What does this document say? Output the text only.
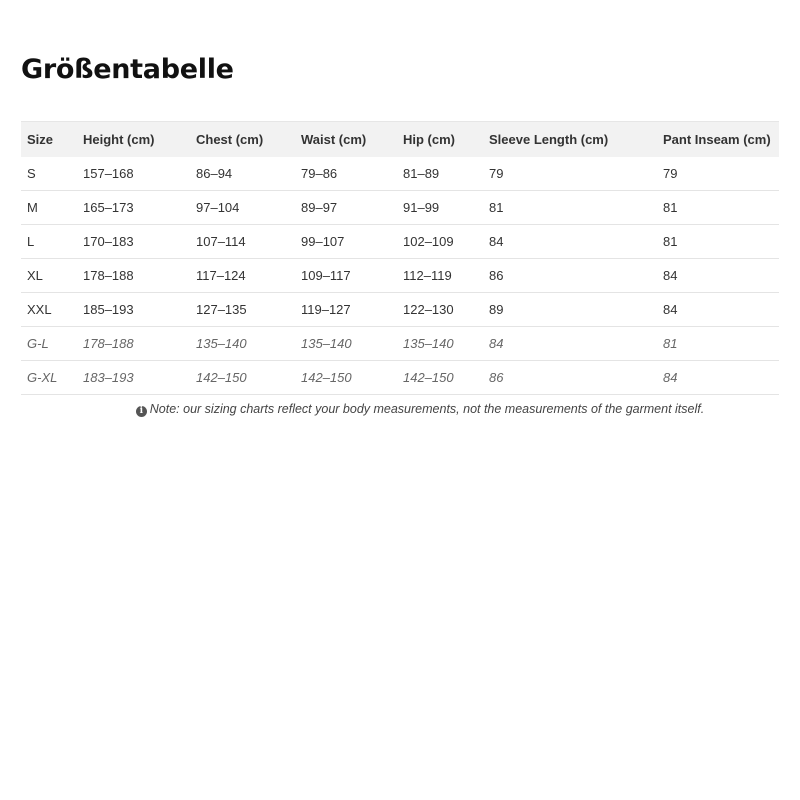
Größentabelle
Size	Height (cm)	Chest (cm)	Waist (cm)	Hip (cm)	Sleeve Length (cm)	Pant Inseam (cm)
S	157–168	86–94	79–86	81–89	79	79
M	165–173	97–104	89–97	91–99	81	81
L	170–183	107–114	99–107	102–109	84	81
XL	178–188	117–124	109–117	112–119	86	84
XXL	185–193	127–135	119–127	122–130	89	84
G-L	178–188	135–140	135–140	135–140	84	81
G-XL	183–193	142–150	142–150	142–150	86	84
i Note: our sizing charts reflect your body measurements, not the measurements of the garment itself.
